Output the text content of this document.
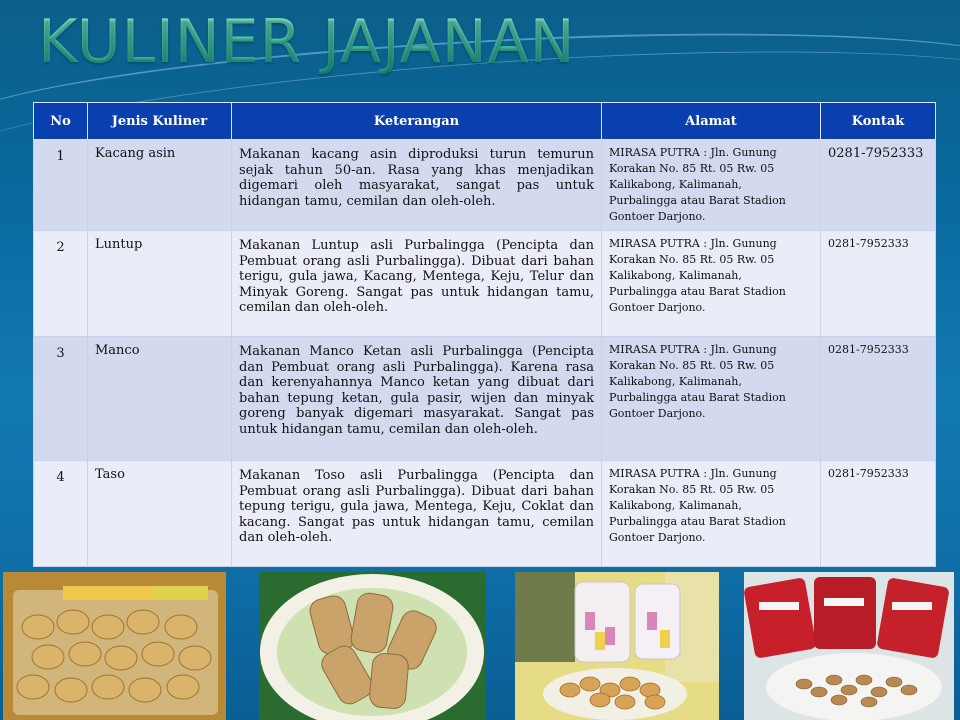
KULINER JAJANAN
No	Jenis Kuliner	Keterangan	Alamat	Kontak
1	Kacang asin	Makanan kacang asin diproduksi turun temurun sejak tahun 50-an. Rasa yang khas menjadikan digemari oleh masyarakat, sangat pas untuk hidangan tamu, cemilan dan oleh-oleh.	MIRASA PUTRA : Jln. Gunung Korakan No. 85 Rt. 05 Rw. 05 Kalikabong, Kalimanah, Purbalingga atau Barat Stadion Gontoer Darjono.	0281-7952333
2	Luntup	Makanan Luntup asli Purbalingga (Pencipta dan Pembuat orang asli Purbalingga). Dibuat dari bahan terigu, gula jawa, Kacang, Mentega, Keju, Telur dan Minyak Goreng. Sangat pas untuk hidangan tamu, cemilan dan oleh-oleh.	MIRASA PUTRA : Jln. Gunung Korakan No. 85 Rt. 05 Rw. 05 Kalikabong, Kalimanah, Purbalingga atau Barat Stadion Gontoer Darjono.	0281-7952333
3	Manco	Makanan Manco Ketan asli Purbalingga (Pencipta dan Pembuat orang asli Purbalingga). Karena rasa dan kerenyahannya Manco ketan yang dibuat dari bahan tepung ketan, gula pasir, wijen dan minyak goreng banyak digemari masyarakat. Sangat pas untuk hidangan tamu, cemilan dan oleh-oleh.	MIRASA PUTRA : Jln. Gunung Korakan No. 85 Rt. 05 Rw. 05 Kalikabong, Kalimanah, Purbalingga atau Barat Stadion Gontoer Darjono.	0281-7952333
4	Taso	Makanan Toso asli Purbalingga (Pencipta dan Pembuat orang asli Purbalingga). Dibuat dari bahan tepung terigu, gula jawa, Mentega, Keju, Coklat dan kacang. Sangat pas untuk hidangan tamu, cemilan dan oleh-oleh.	MIRASA PUTRA : Jln. Gunung Korakan No. 85 Rt. 05 Rw. 05 Kalikabong, Kalimanah, Purbalingga atau Barat Stadion Gontoer Darjono.	0281-7952333
